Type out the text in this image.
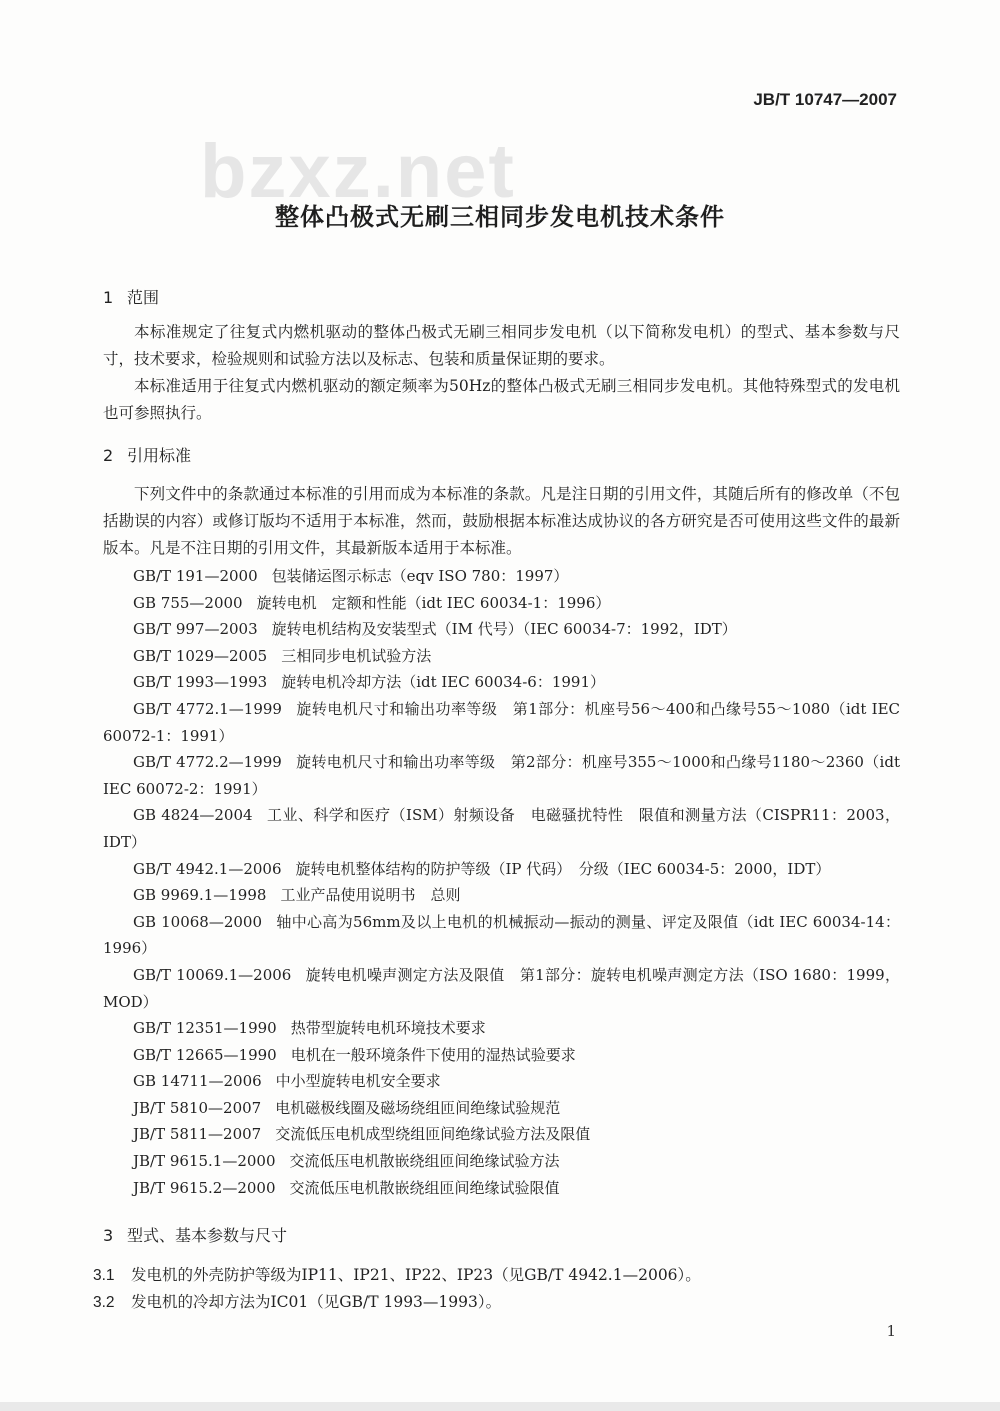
bzxz.net
JB/T 10747—2007
整体凸极式无刷三相同步发电机技术条件
1 范围
本标准规定了往复式内燃机驱动的整体凸极式无刷三相同步发电机（以下简称发电机）的型式、基本参数与尺寸，技术要求，检验规则和试验方法以及标志、包装和质量保证期的要求。
本标准适用于往复式内燃机驱动的额定频率为50Hz的整体凸极式无刷三相同步发电机。其他特殊型式的发电机也可参照执行。
2 引用标准
下列文件中的条款通过本标准的引用而成为本标准的条款。凡是注日期的引用文件，其随后所有的修改单（不包括勘误的内容）或修订版均不适用于本标准，然而，鼓励根据本标准达成协议的各方研究是否可使用这些文件的最新版本。凡是不注日期的引用文件，其最新版本适用于本标准。

GB/T 191—2000 包装储运图示标志（eqv ISO 780：1997）

GB 755—2000 旋转电机　定额和性能（idt IEC 60034-1：1996）

GB/T 997—2003 旋转电机结构及安装型式（IM 代号）（IEC 60034-7：1992，IDT）

GB/T 1029—2005 三相同步电机试验方法

GB/T 1993—1993 旋转电机冷却方法（idt IEC 60034-6：1991）

GB/T 4772.1—1999 旋转电机尺寸和输出功率等级　第1部分：机座号56～400和凸缘号55～1080（idt IEC 60072-1：1991）

GB/T 4772.2—1999 旋转电机尺寸和输出功率等级　第2部分：机座号355～1000和凸缘号1180～2360（idt IEC 60072-2：1991）

GB 4824—2004 工业、科学和医疗（ISM）射频设备　电磁骚扰特性　限值和测量方法（CISPR11：2003，IDT）

GB/T 4942.1—2006 旋转电机整体结构的防护等级（IP 代码）　分级（IEC 60034-5：2000，IDT）

GB 9969.1—1998 工业产品使用说明书　总则

GB 10068—2000 轴中心高为56mm及以上电机的机械振动—振动的测量、评定及限值（idt IEC 60034-14：1996）

GB/T 10069.1—2006 旋转电机噪声测定方法及限值　第1部分：旋转电机噪声测定方法（ISO 1680：1999，MOD）

GB/T 12351—1990 热带型旋转电机环境技术要求

GB/T 12665—1990 电机在一般环境条件下使用的湿热试验要求

GB 14711—2006 中小型旋转电机安全要求

JB/T 5810—2007 电机磁极线圈及磁场绕组匝间绝缘试验规范

JB/T 5811—2007 交流低压电机成型绕组匝间绝缘试验方法及限值

JB/T 9615.1—2000 交流低压电机散嵌绕组匝间绝缘试验方法

JB/T 9615.2—2000 交流低压电机散嵌绕组匝间绝缘试验限值

3 型式、基本参数与尺寸
3.1 发电机的外壳防护等级为IP11、IP21、IP22、IP23（见GB/T 4942.1—2006）。
3.2 发电机的冷却方法为IC01（见GB/T 1993—1993）。
1
